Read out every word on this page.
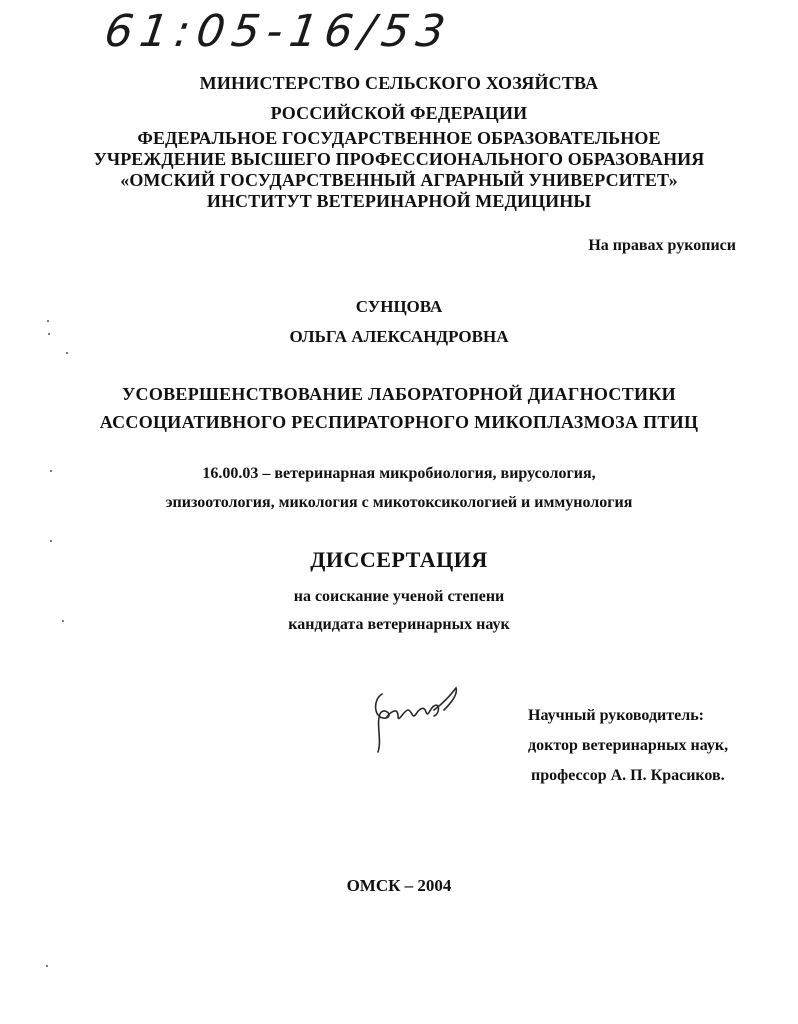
61:05-16/53
МИНИСТЕРСТВО СЕЛЬСКОГО ХОЗЯЙСТВА
РОССИЙСКОЙ ФЕДЕРАЦИИ
ФЕДЕРАЛЬНОЕ ГОСУДАРСТВЕННОЕ ОБРАЗОВАТЕЛЬНОЕ
УЧРЕЖДЕНИЕ ВЫСШЕГО ПРОФЕССИОНАЛЬНОГО ОБРАЗОВАНИЯ
«ОМСКИЙ ГОСУДАРСТВЕННЫЙ АГРАРНЫЙ УНИВЕРСИТЕТ»
ИНСТИТУТ ВЕТЕРИНАРНОЙ МЕДИЦИНЫ
На правах рукописи
СУНЦОВА
ОЛЬГА АЛЕКСАНДРОВНА
УСОВЕРШЕНСТВОВАНИЕ ЛАБОРАТОРНОЙ ДИАГНОСТИКИ
АССОЦИАТИВНОГО РЕСПИРАТОРНОГО МИКОПЛАЗМОЗА ПТИЦ
16.00.03 – ветеринарная микробиология, вирусология,
эпизоотология, микология с микотоксикологией и иммунология
ДИССЕРТАЦИЯ
на соискание ученой степени
кандидата ветеринарных наук
Научный руководитель:
доктор ветеринарных наук,
профессор А. П. Красиков.
ОМСК – 2004
